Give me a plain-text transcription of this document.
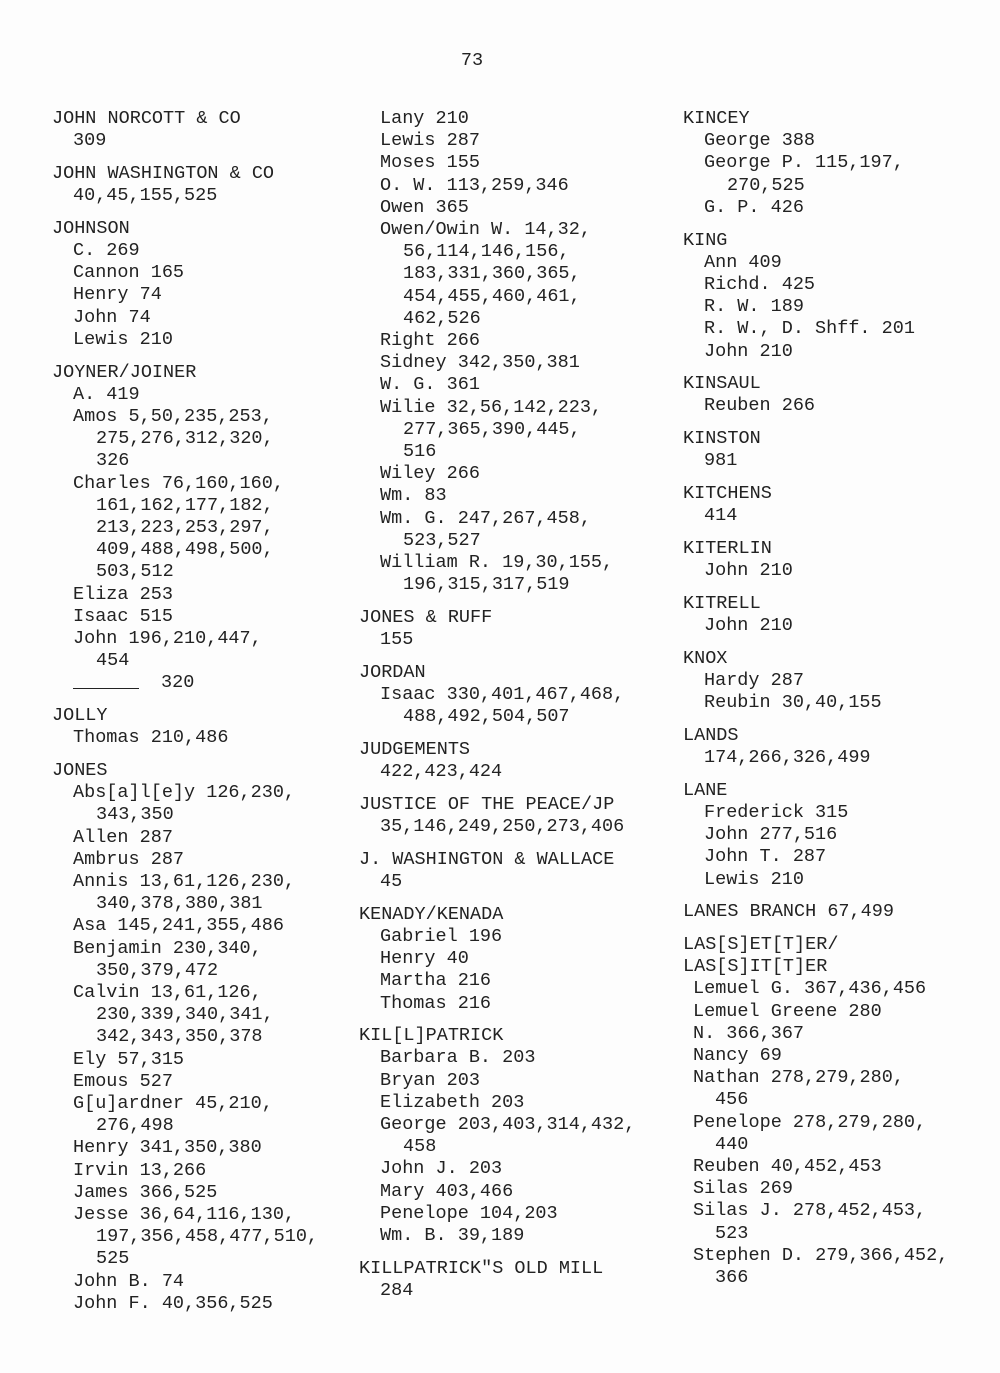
73
JOHN NORCOTT & CO
309
JOHN WASHINGTON & CO
40,45,155,525
JOHNSON
C. 269
Cannon 165
Henry 74
John 74
Lewis 210
JOYNER/JOINER
A. 419
Amos 5,50,235,253,
275,276,312,320,
326
Charles 76,160,160,
161,162,177,182,
213,223,253,297,
409,488,498,500,
503,512
Eliza 253
Isaac 515
John 196,210,447,
454
320
JOLLY
Thomas 210,486
JONES
Abs[a]l[e]y 126,230,
343,350
Allen 287
Ambrus 287
Annis 13,61,126,230,
340,378,380,381
Asa 145,241,355,486
Benjamin 230,340,
350,379,472
Calvin 13,61,126,
230,339,340,341,
342,343,350,378
Ely 57,315
Emous 527
G[u]ardner 45,210,
276,498
Henry 341,350,380
Irvin 13,266
James 366,525
Jesse 36,64,116,130,
197,356,458,477,510,
525
John B. 74
John F. 40,356,525
Lany 210
Lewis 287
Moses 155
O. W. 113,259,346
Owen 365
Owen/Owin W. 14,32,
56,114,146,156,
183,331,360,365,
454,455,460,461,
462,526
Right 266
Sidney 342,350,381
W. G. 361
Wilie 32,56,142,223,
277,365,390,445,
516
Wiley 266
Wm. 83
Wm. G. 247,267,458,
523,527
William R. 19,30,155,
196,315,317,519
JONES & RUFF
155
JORDAN
Isaac 330,401,467,468,
488,492,504,507
JUDGEMENTS
422,423,424
JUSTICE OF THE PEACE/JP
35,146,249,250,273,406
J. WASHINGTON & WALLACE
45
KENADY/KENADA
Gabriel 196
Henry 40
Martha 216
Thomas 216
KIL[L]PATRICK
Barbara B. 203
Bryan 203
Elizabeth 203
George 203,403,314,432,
458
John J. 203
Mary 403,466
Penelope 104,203
Wm. B. 39,189
KILLPATRICK"S OLD MILL
284
KINCEY
George 388
George P. 115,197,
270,525
G. P. 426
KING
Ann 409
Richd. 425
R. W. 189
R. W., D. Shff. 201
John 210
KINSAUL
Reuben 266
KINSTON
981
KITCHENS
414
KITERLIN
John 210
KITRELL
John 210
KNOX
Hardy 287
Reubin 30,40,155
LANDS
174,266,326,499
LANE
Frederick 315
John 277,516
John T. 287
Lewis 210
LANES BRANCH 67,499
LAS[S]ET[T]ER/
LAS[S]IT[T]ER
Lemuel G. 367,436,456
Lemuel Greene 280
N. 366,367
Nancy 69
Nathan 278,279,280,
456
Penelope 278,279,280,
440
Reuben 40,452,453
Silas 269
Silas J. 278,452,453,
523
Stephen D. 279,366,452,
366
